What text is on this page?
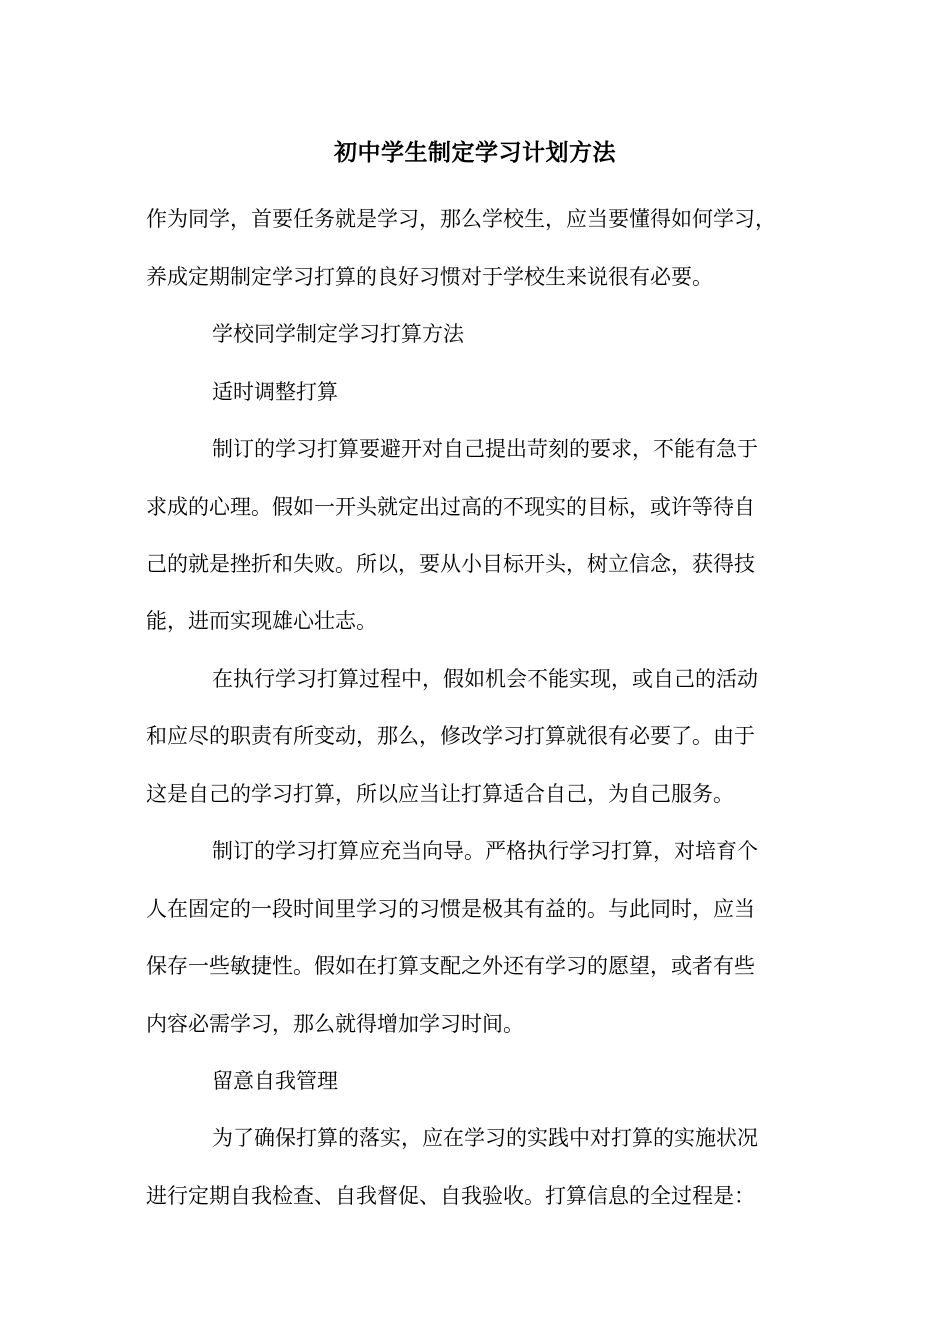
初中学生制定学习计划方法
作为同学，首要任务就是学习，那么学校生，应当要懂得如何学习，
养成定期制定学习打算的良好习惯对于学校生来说很有必要。
学校同学制定学习打算方法
适时调整打算
制订的学习打算要避开对自己提出苛刻的要求，不能有急于
求成的心理。假如一开头就定出过高的不现实的目标，或许等待自
己的就是挫折和失败。所以，要从小目标开头，树立信念，获得技
能，进而实现雄心壮志。
在执行学习打算过程中，假如机会不能实现，或自己的活动
和应尽的职责有所变动，那么，修改学习打算就很有必要了。由于
这是自己的学习打算，所以应当让打算适合自己，为自己服务。
制订的学习打算应充当向导。严格执行学习打算，对培育个
人在固定的一段时间里学习的习惯是极其有益的。与此同时，应当
保存一些敏捷性。假如在打算支配之外还有学习的愿望，或者有些
内容必需学习，那么就得增加学习时间。
留意自我管理
为了确保打算的落实，应在学习的实践中对打算的实施状况
进行定期自我检查、自我督促、自我验收。打算信息的全过程是：
